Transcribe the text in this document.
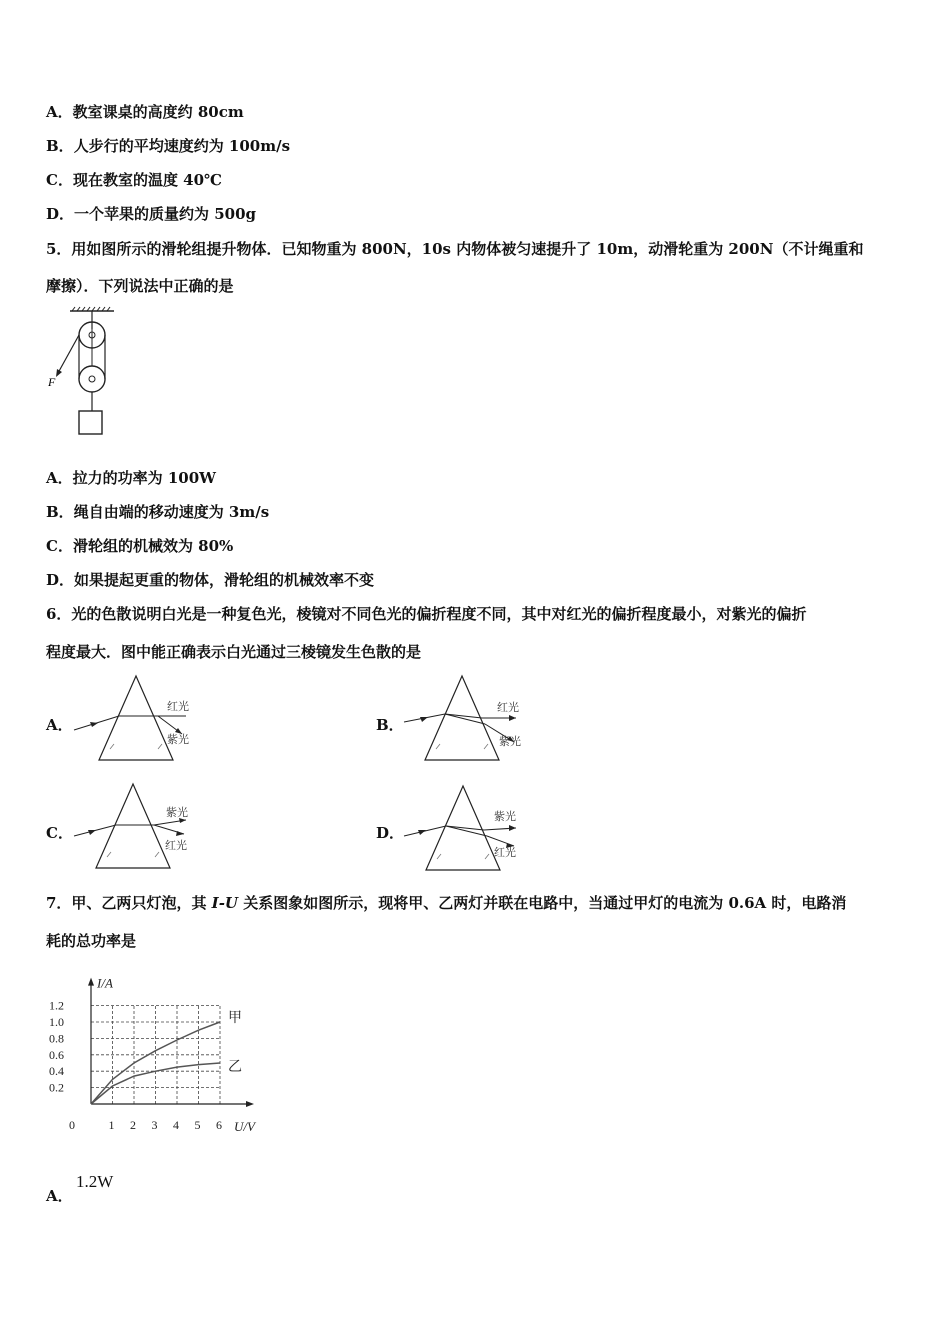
A．教室课桌的高度约 80cm
B．人步行的平均速度约为 100m/s
C．现在教室的温度 40℃
D．一个苹果的质量约为 500g
5．用如图所示的滑轮组提升物体．已知物重为 800N，10s 内物体被匀速提升了 10m，动滑轮重为 200N（不计绳重和
摩擦）．下列说法中正确的是
F
A．拉力的功率为 100W
B．绳自由端的移动速度为 3m/s
C．滑轮组的机械效为 80%
D．如果提起更重的物体，滑轮组的机械效率不变
6．光的色散说明白光是一种复色光，棱镜对不同色光的偏折程度不同，其中对红光的偏折程度最小，对紫光的偏折
程度最大．图中能正确表示白光通过三棱镜发生色散的是
A．
红光
紫光
B．
红光
紫光
C．
紫光
红光
D．
紫光
红光
7．甲、乙两只灯泡，其 I-U 关系图象如图所示，现将甲、乙两灯并联在电路中，当通过甲灯的电流为 0.6A 时，电路消
耗的总功率是
0	1 2 3 4 5 6
0.2
0.4
0.6
0.8
1.0
1.2
I/A
U/V
甲
乙
A．
1.2W
